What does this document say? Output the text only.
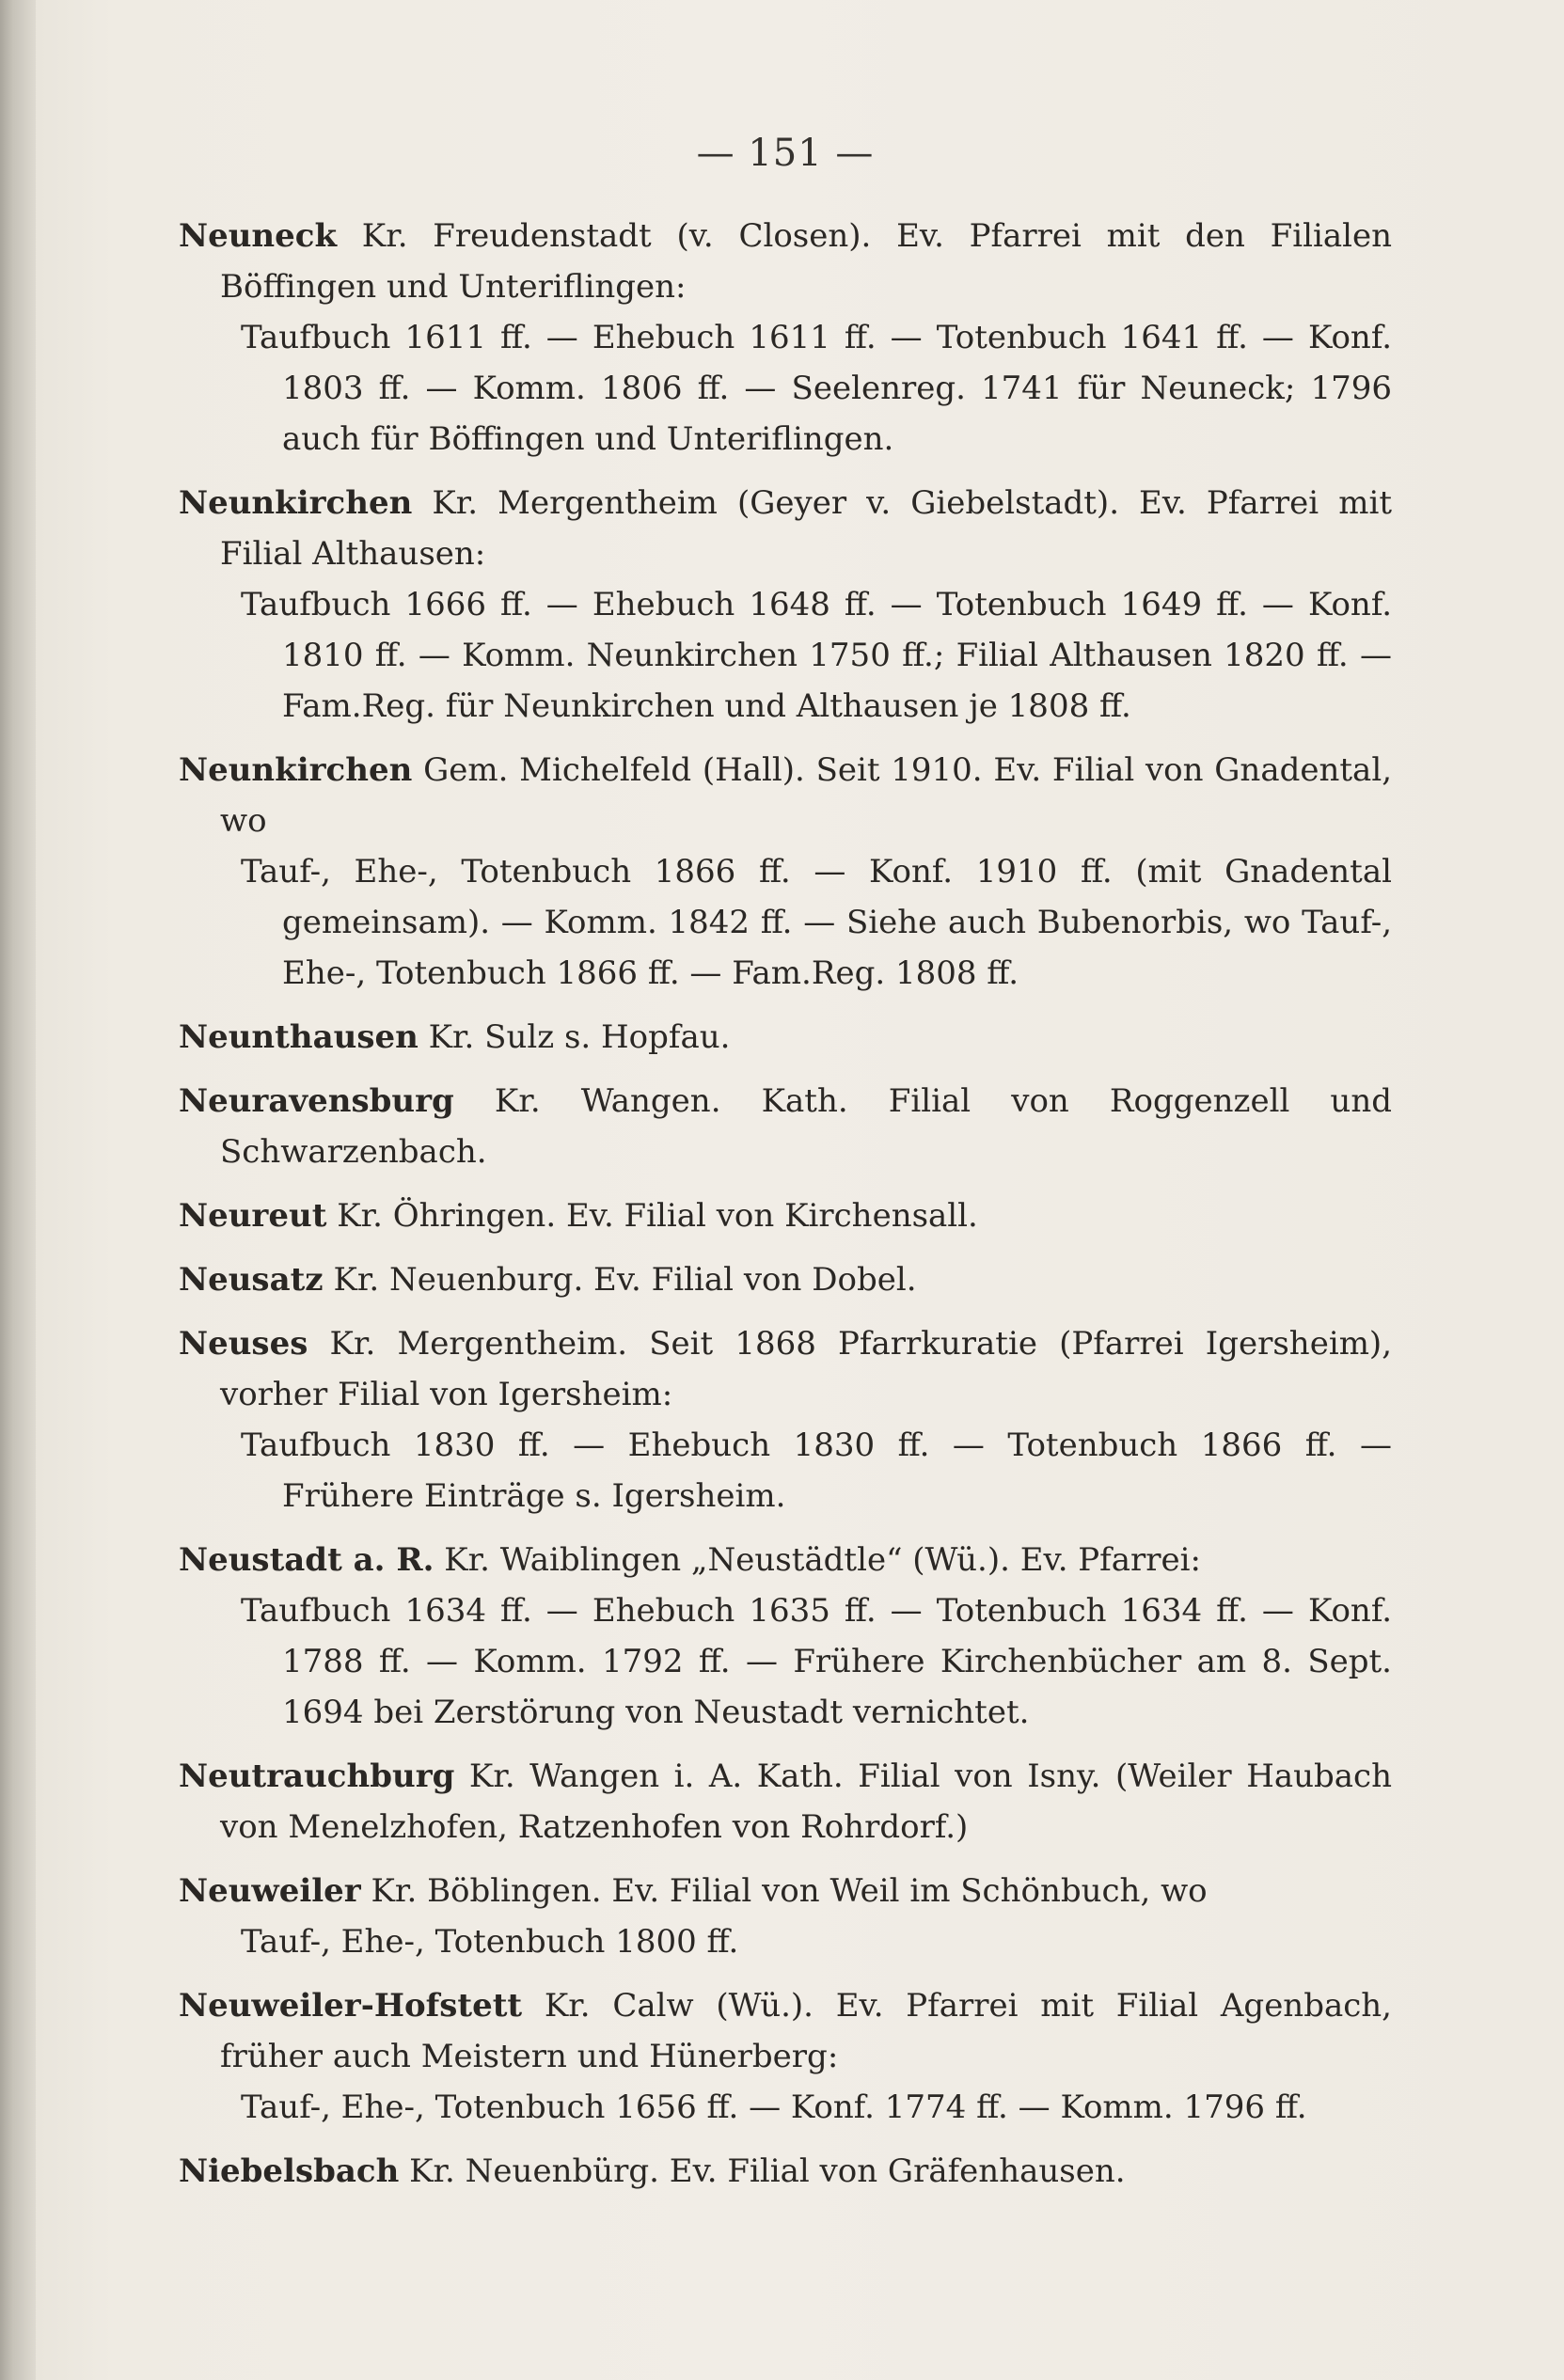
— 151 —
Neuneck Kr. Freudenstadt (v. Closen). Ev. Pfarrei mit den Filialen Böffingen und Unteriflingen:
Taufbuch 1611 ff. — Ehebuch 1611 ff. — Totenbuch 1641 ff. — Konf. 1803 ff. — Komm. 1806 ff. — Seelenreg. 1741 für Neuneck; 1796 auch für Böffingen und Unteriflingen.
Neunkirchen Kr. Mergentheim (Geyer v. Giebelstadt). Ev. Pfarrei mit Filial Althausen:
Taufbuch 1666 ff. — Ehebuch 1648 ff. — Totenbuch 1649 ff. — Konf. 1810 ff. — Komm. Neunkirchen 1750 ff.; Filial Althausen 1820 ff. — Fam.Reg. für Neunkirchen und Althausen je 1808 ff.
Neunkirchen Gem. Michelfeld (Hall). Seit 1910. Ev. Filial von Gnadental, wo
Tauf-, Ehe-, Totenbuch 1866 ff. — Konf. 1910 ff. (mit Gnadental gemeinsam). — Komm. 1842 ff. — Siehe auch Bubenorbis, wo Tauf-, Ehe-, Totenbuch 1866 ff. — Fam.Reg. 1808 ff.
Neunthausen Kr. Sulz s. Hopfau.
Neuravensburg Kr. Wangen. Kath. Filial von Roggenzell und Schwarzenbach.
Neureut Kr. Öhringen. Ev. Filial von Kirchensall.
Neusatz Kr. Neuenburg. Ev. Filial von Dobel.
Neuses Kr. Mergentheim. Seit 1868 Pfarrkuratie (Pfarrei Igersheim), vorher Filial von Igersheim:
Taufbuch 1830 ff. — Ehebuch 1830 ff. — Totenbuch 1866 ff. — Frühere Einträge s. Igersheim.
Neustadt a. R. Kr. Waiblingen „Neustädtle“ (Wü.). Ev. Pfarrei:
Taufbuch 1634 ff. — Ehebuch 1635 ff. — Totenbuch 1634 ff. — Konf. 1788 ff. — Komm. 1792 ff. — Frühere Kirchenbücher am 8. Sept. 1694 bei Zerstörung von Neustadt vernichtet.
Neutrauchburg Kr. Wangen i. A. Kath. Filial von Isny. (Weiler Haubach von Menelzhofen, Ratzenhofen von Rohrdorf.)
Neuweiler Kr. Böblingen. Ev. Filial von Weil im Schönbuch, wo
Tauf-, Ehe-, Totenbuch 1800 ff.
Neuweiler-Hofstett Kr. Calw (Wü.). Ev. Pfarrei mit Filial Agenbach, früher auch Meistern und Hünerberg:
Tauf-, Ehe-, Totenbuch 1656 ff. — Konf. 1774 ff. — Komm. 1796 ff.
Niebelsbach Kr. Neuenbürg. Ev. Filial von Gräfenhausen.
